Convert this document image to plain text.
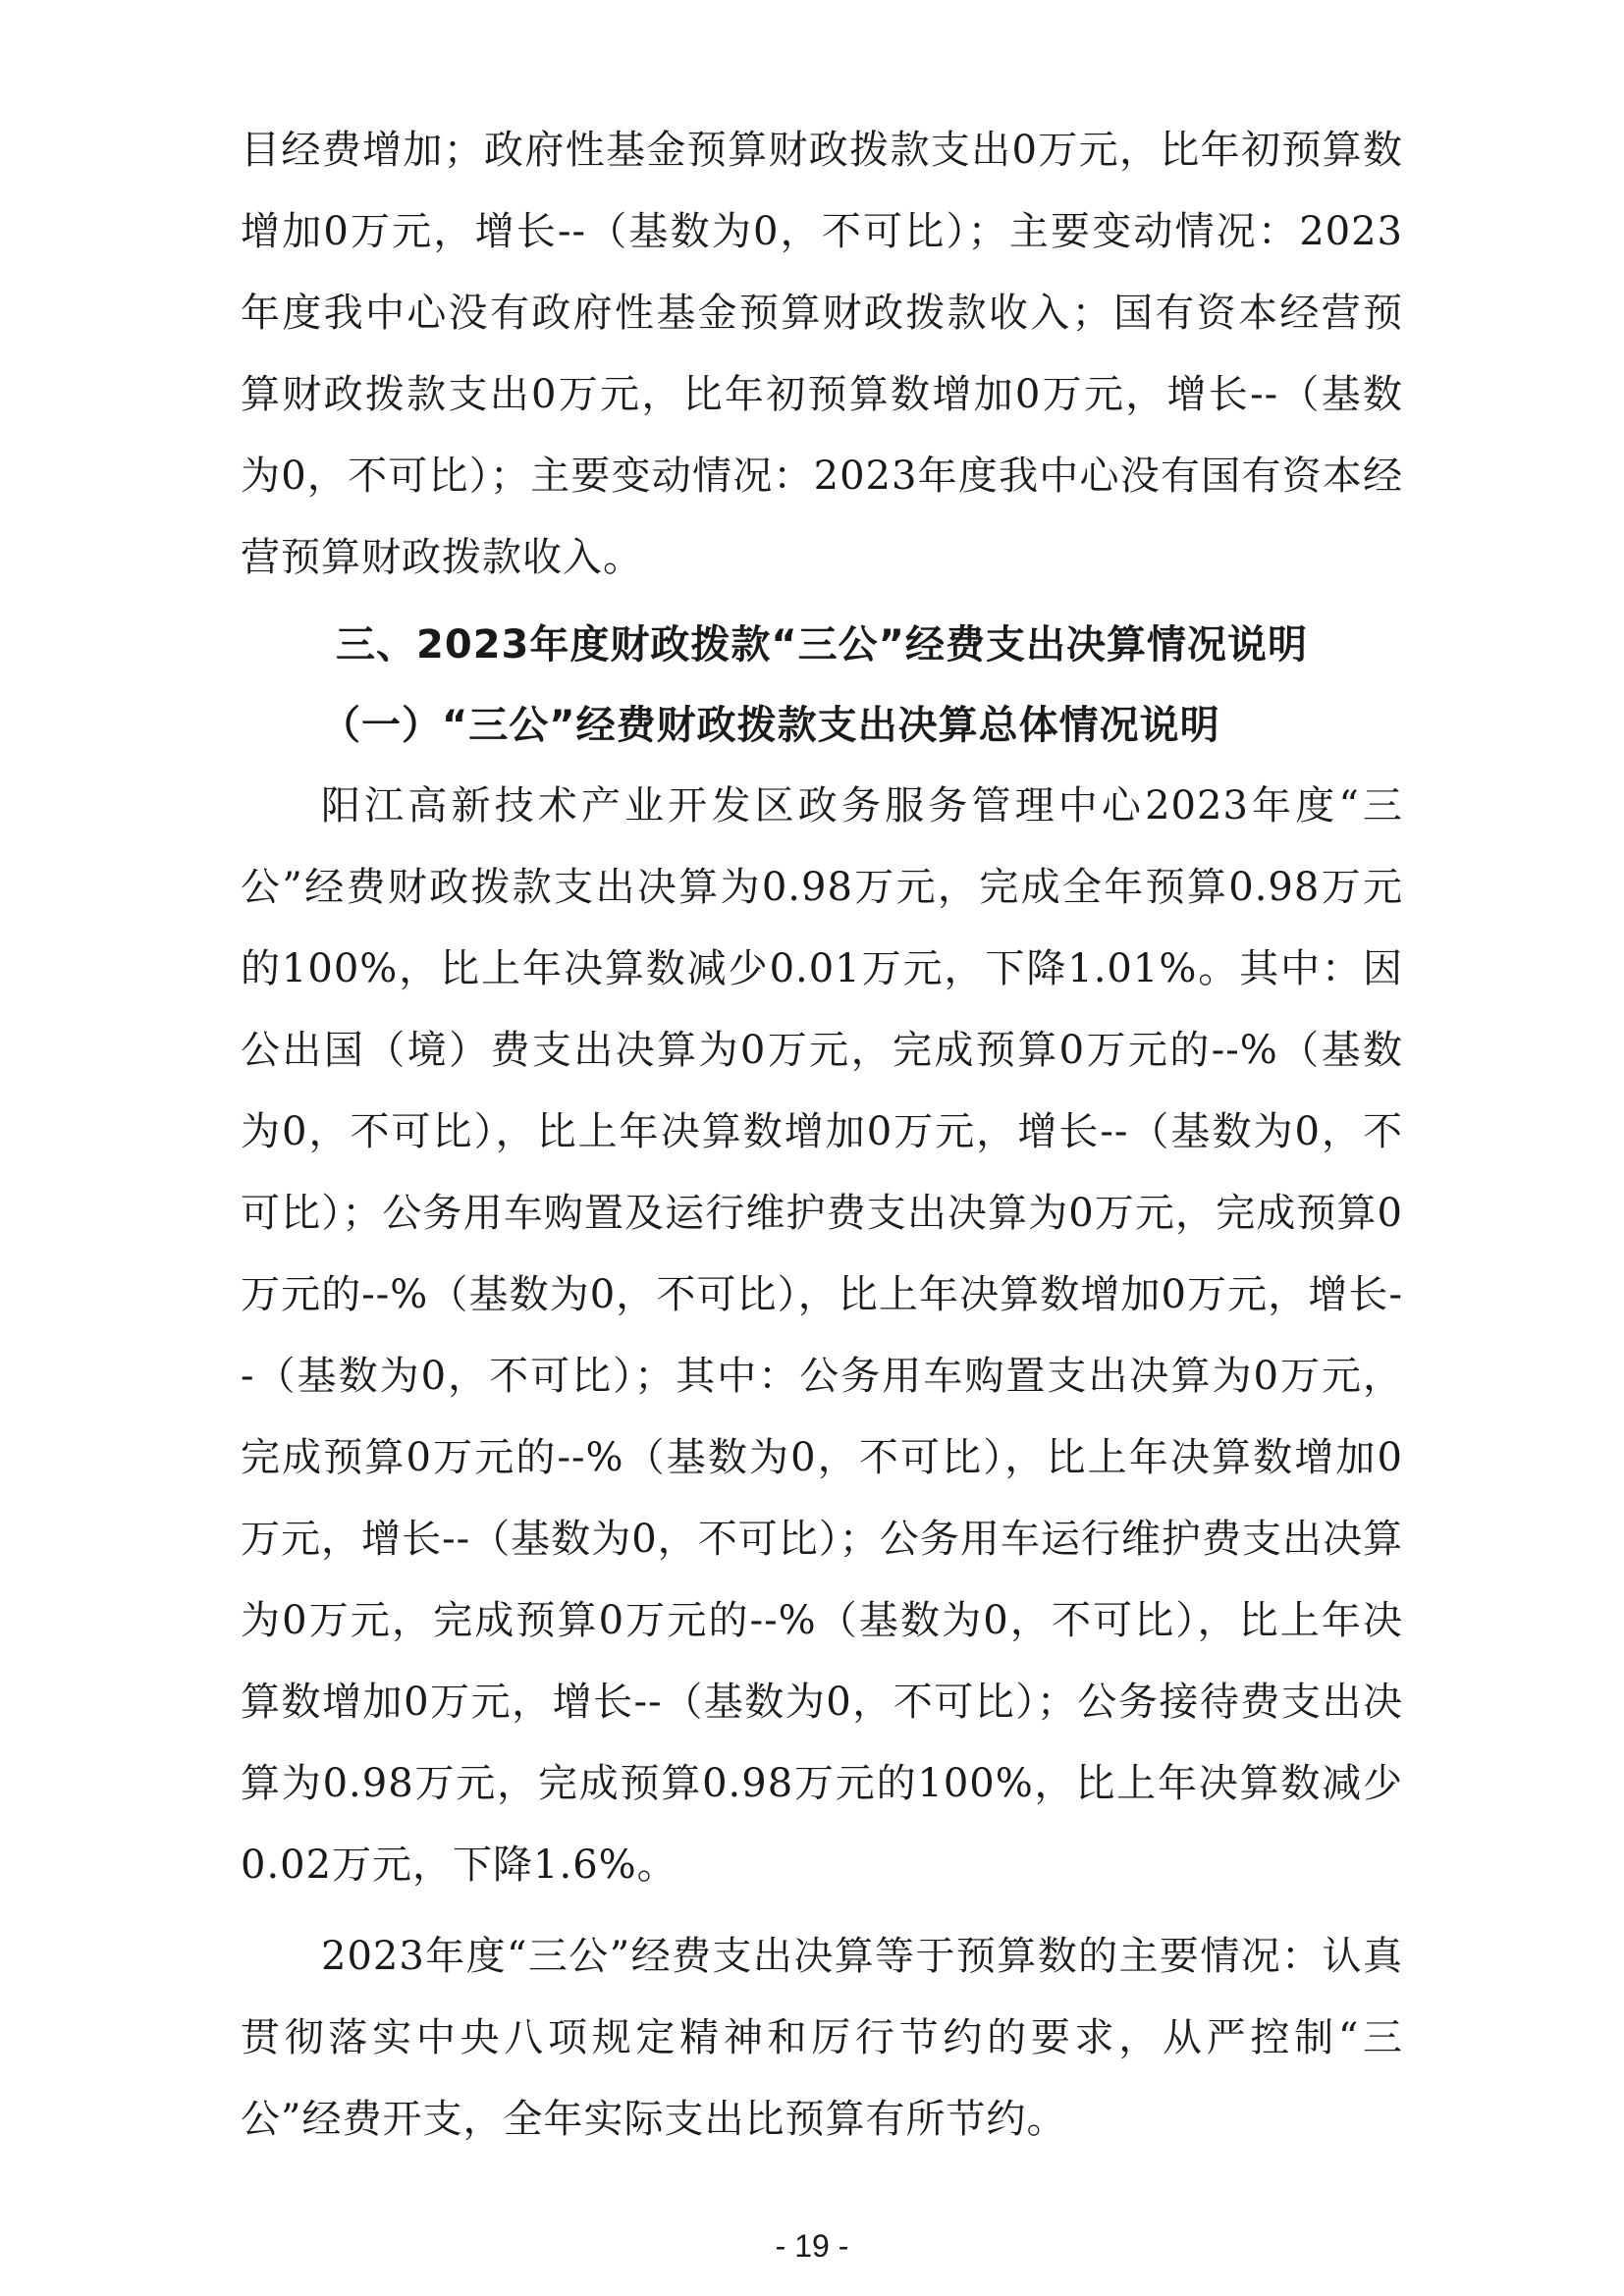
目经费增加；政府性基金预算财政拨款支出0万元，比年初预算数增加0万元，增长--（基数为0，不可比）；主要变动情况：2023年度我中心没有政府性基金预算财政拨款收入；国有资本经营预算财政拨款支出0万元，比年初预算数增加0万元，增长--（基数为0，不可比）；主要变动情况：2023年度我中心没有国有资本经营预算财政拨款收入。

三、2023年度财政拨款“三公”经费支出决算情况说明
（一）“三公”经费财政拨款支出决算总体情况说明

阳江高新技术产业开发区政务服务管理中心2023年度“三公”经费财政拨款支出决算为0.98万元，完成全年预算0.98万元的100%，比上年决算数减少0.01万元，下降1.01%。其中：因公出国（境）费支出决算为0万元，完成预算0万元的--%（基数为0，不可比），比上年决算数增加0万元，增长--（基数为0，不可比）；公务用车购置及运行维护费支出决算为0万元，完成预算0万元的--%（基数为0，不可比），比上年决算数增加0万元，增长--（基数为0，不可比）；其中：公务用车购置支出决算为0万元，完成预算0万元的--%（基数为0，不可比），比上年决算数增加0万元，增长--（基数为0，不可比）；公务用车运行维护费支出决算为0万元，完成预算0万元的--%（基数为0，不可比），比上年决算数增加0万元，增长--（基数为0，不可比）；公务接待费支出决算为0.98万元，完成预算0.98万元的100%，比上年决算数减少0.02万元，下降1.6%。

2023年度“三公”经费支出决算等于预算数的主要情况：认真贯彻落实中央八项规定精神和厉行节约的要求，从严控制“三公”经费开支，全年实际支出比预算有所节约。

- 19 -
